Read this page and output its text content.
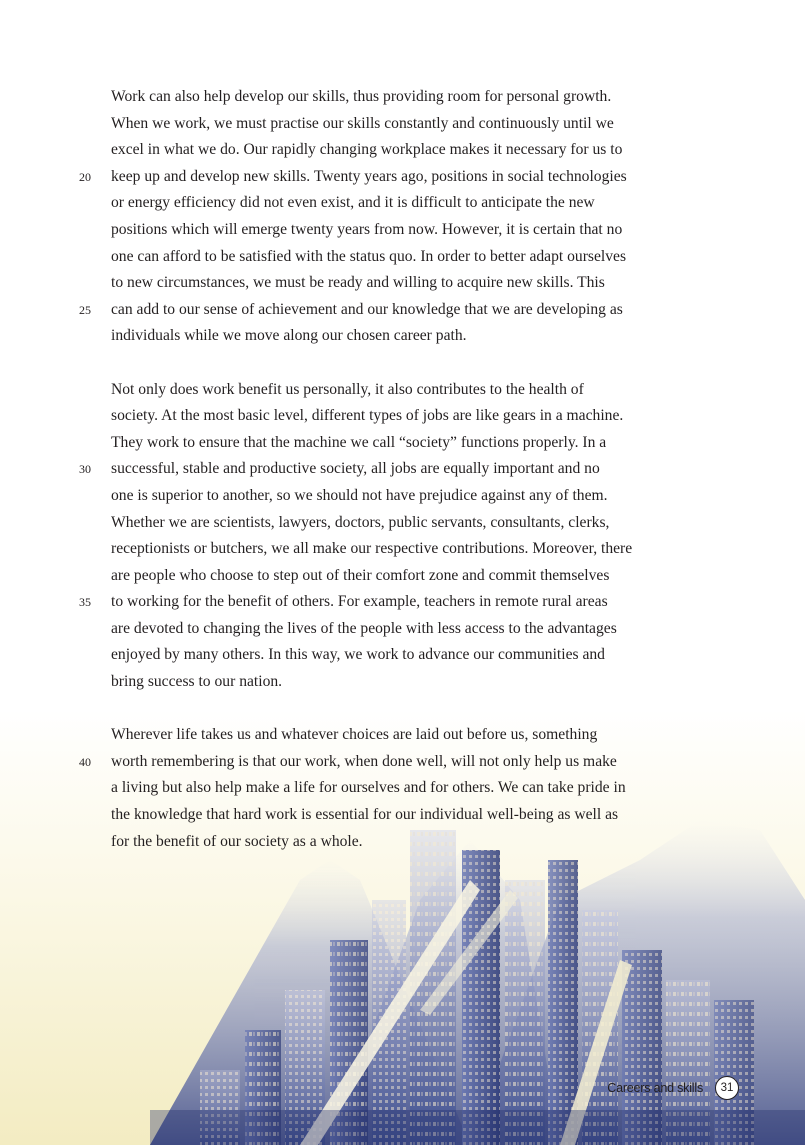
Work can also help develop our skills, thus providing room for personal growth.
When we work, we must practise our skills constantly and continuously until we
excel in what we do. Our rapidly changing workplace makes it necessary for us to
20	keep up and develop new skills. Twenty years ago, positions in social technologies
or energy efficiency did not even exist, and it is difficult to anticipate the new
positions which will emerge twenty years from now. However, it is certain that no
one can afford to be satisfied with the status quo. In order to better adapt ourselves
to new circumstances, we must be ready and willing to acquire new skills. This
25	can add to our sense of achievement and our knowledge that we are developing as
individuals while we move along our chosen career path.
Not only does work benefit us personally, it also contributes to the health of
society. At the most basic level, different types of jobs are like gears in a machine.
They work to ensure that the machine we call “society” functions properly. In a
30	successful, stable and productive society, all jobs are equally important and no
one is superior to another, so we should not have prejudice against any of them.
Whether we are scientists, lawyers, doctors, public servants, consultants, clerks,
receptionists or butchers, we all make our respective contributions. Moreover, there
are people who choose to step out of their comfort zone and commit themselves
35	to working for the benefit of others. For example, teachers in remote rural areas
are devoted to changing the lives of the people with less access to the advantages
enjoyed by many others. In this way, we work to advance our communities and
bring success to our nation.
Wherever life takes us and whatever choices are laid out before us, something
40	worth remembering is that our work, when done well, will not only help us make
a living but also help make a life for ourselves and for others. We can take pride in
the knowledge that hard work is essential for our individual well-being as well as
for the benefit of our society as a whole.
Careers and skills	31
